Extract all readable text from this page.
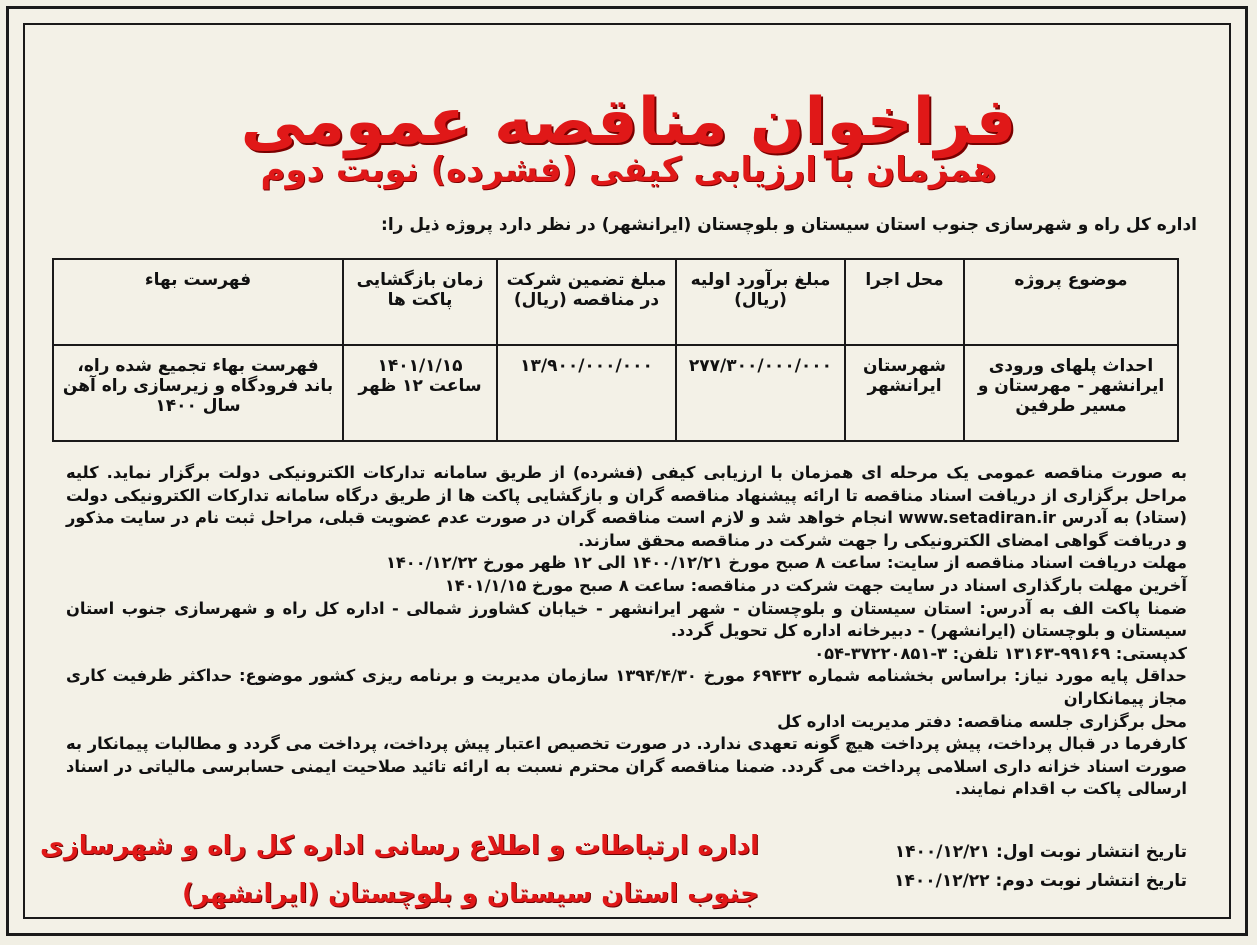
فراخوان مناقصه عمومی
همزمان با ارزیابی کیفی (فشرده) نوبت دوم
اداره کل راه و شهرسازی جنوب استان سیستان و بلوچستان (ایرانشهر) در نظر دارد پروژه ذیل را:
موضوع پروژه	محل اجرا	مبلغ برآورد اولیه (ریال)	مبلغ تضمین شرکت در مناقصه (ریال)	زمان بازگشایی پاکت ها	فهرست بهاء
احداث پلهای ورودی ایرانشهر - مهرستان و مسیر طرفین	شهرستان ایرانشهر	۲۷۷/۳۰۰/۰۰۰/۰۰۰	۱۳/۹۰۰/۰۰۰/۰۰۰	۱۴۰۱/۱/۱۵ ساعت ۱۲ ظهر	فهرست بهاء تجمیع شده راه، باند فرودگاه و زیرسازی راه آهن سال ۱۴۰۰

به صورت مناقصه عمومی یک مرحله ای همزمان با ارزیابی کیفی (فشرده) از طریق سامانه تدارکات الکترونیکی دولت برگزار نماید. کلیه مراحل برگزاری از دریافت اسناد مناقصه تا ارائه پیشنهاد مناقصه گران و بازگشایی پاکت ها از طریق درگاه سامانه تدارکات الکترونیکی دولت (ستاد) به آدرس www.setadiran.ir انجام خواهد شد و لازم است مناقصه گران در صورت عدم عضویت قبلی، مراحل ثبت نام در سایت مذکور و دریافت گواهی امضای الکترونیکی را جهت شرکت در مناقصه محقق سازند.

مهلت دریافت اسناد مناقصه از سایت: ساعت ۸ صبح مورخ ۱۴۰۰/۱۲/۲۱ الی ۱۲ ظهر مورخ ۱۴۰۰/۱۲/۲۲

آخرین مهلت بارگذاری اسناد در سایت جهت شرکت در مناقصه: ساعت ۸ صبح مورخ ۱۴۰۱/۱/۱۵

ضمنا پاکت الف به آدرس: استان سیستان و بلوچستان - شهر ایرانشهر - خیابان کشاورز شمالی - اداره کل راه و شهرسازی جنوب استان سیستان و بلوچستان (ایرانشهر) - دبیرخانه اداره کل تحویل گردد.

کدپستی: ۹۹۱۶۹-۱۳۱۶۳ تلفن: ۳-۳۷۲۲۰۸۵۱-۰۵۴

حداقل پایه مورد نیاز: براساس بخشنامه شماره ۶۹۴۳۲ مورخ ۱۳۹۴/۴/۳۰ سازمان مدیریت و برنامه ریزی کشور موضوع: حداکثر ظرفیت کاری مجاز پیمانکاران

محل برگزاری جلسه مناقصه: دفتر مدیریت اداره کل

کارفرما در قبال پرداخت، پیش پرداخت هیچ گونه تعهدی ندارد. در صورت تخصیص اعتبار پیش پرداخت، پرداخت می گردد و مطالبات پیمانکار به صورت اسناد خزانه داری اسلامی پرداخت می گردد. ضمنا مناقصه گران محترم نسبت به ارائه تائید صلاحیت ایمنی حسابرسی مالیاتی در اسناد ارسالی پاکت ب اقدام نمایند.

تاریخ انتشار نوبت اول: ۱۴۰۰/۱۲/۲۱
تاریخ انتشار نوبت دوم: ۱۴۰۰/۱۲/۲۲
اداره ارتباطات و اطلاع رسانی اداره کل راه و شهرسازی
جنوب استان سیستان و بلوچستان (ایرانشهر)
